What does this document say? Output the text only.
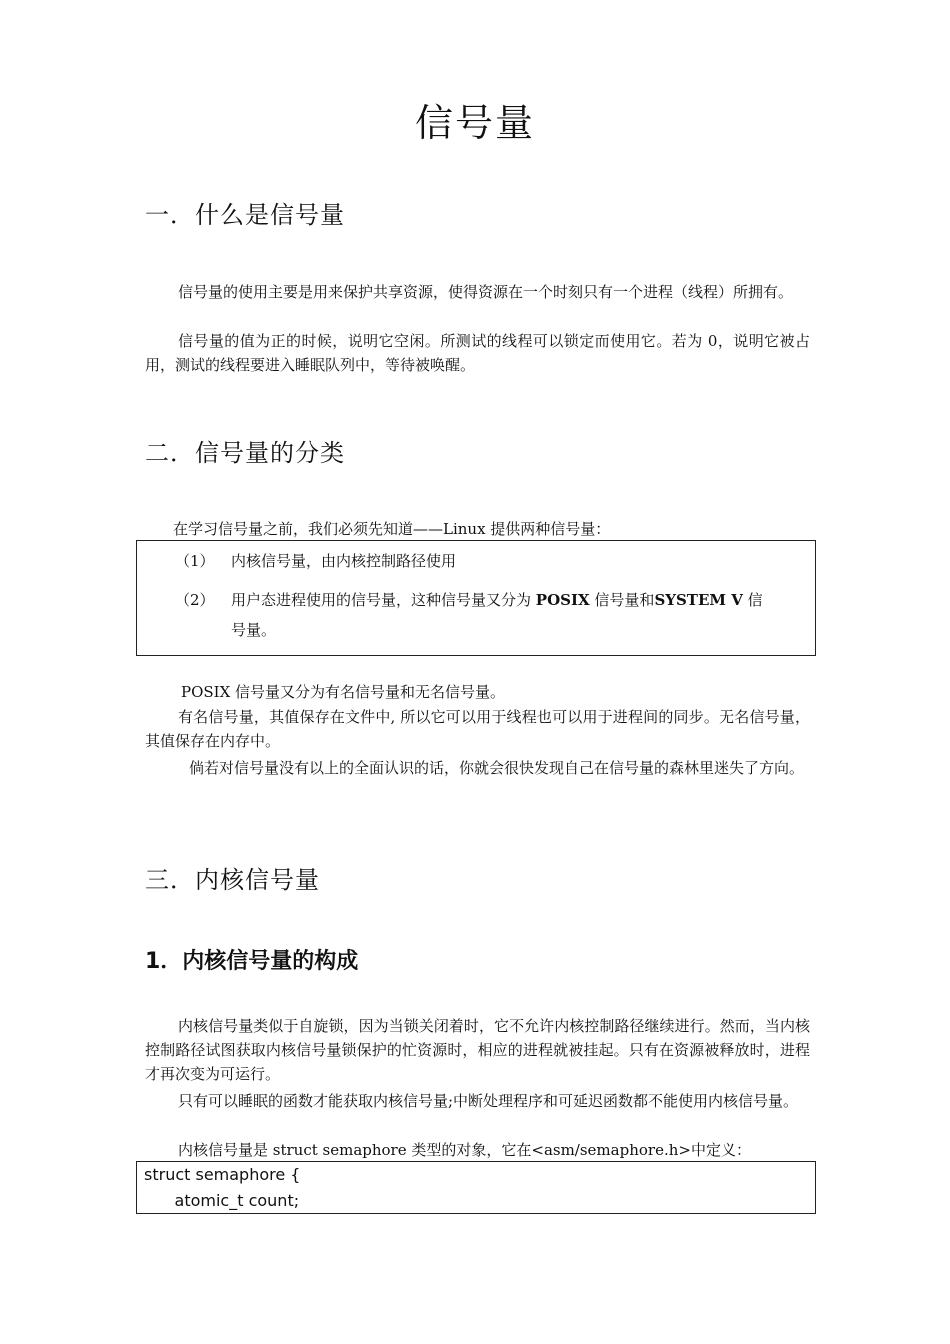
信号量
一．什么是信号量
信号量的使用主要是用来保护共享资源，使得资源在一个时刻只有一个进程（线程）所拥有。
信号量的值为正的时候，说明它空闲。所测试的线程可以锁定而使用它。若为 0，说明它被占用，测试的线程要进入睡眠队列中，等待被唤醒。
二．信号量的分类
在学习信号量之前，我们必须先知道——Linux 提供两种信号量：
（1）	内核信号量，由内核控制路径使用
（2）	用户态进程使用的信号量，这种信号量又分为 POSIX 信号量和SYSTEM V 信
号量。
POSIX 信号量又分为有名信号量和无名信号量。
有名信号量，其值保存在文件中, 所以它可以用于线程也可以用于进程间的同步。无名信号量，其值保存在内存中。
倘若对信号量没有以上的全面认识的话，你就会很快发现自己在信号量的森林里迷失了方向。
三．内核信号量
1．内核信号量的构成
内核信号量类似于自旋锁，因为当锁关闭着时，它不允许内核控制路径继续进行。然而，当内核控制路径试图获取内核信号量锁保护的忙资源时，相应的进程就被挂起。只有在资源被释放时，进程才再次变为可运行。
只有可以睡眠的函数才能获取内核信号量;中断处理程序和可延迟函数都不能使用内核信号量。
内核信号量是 struct semaphore 类型的对象，它在<asm/semaphore.h>中定义：
struct semaphore {
atomic_t count;
